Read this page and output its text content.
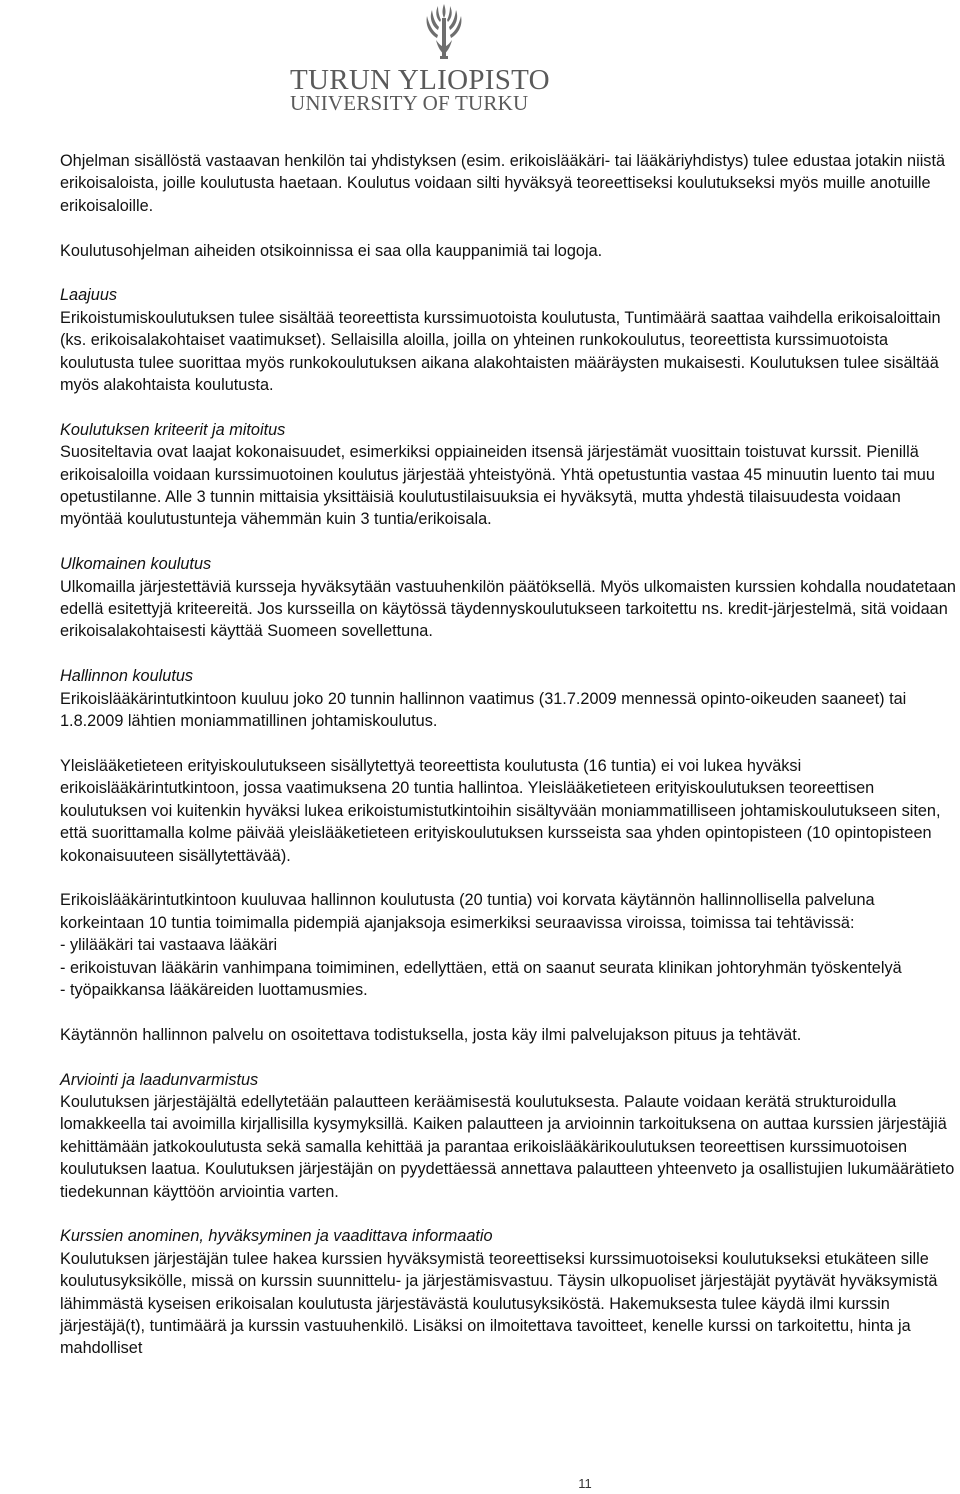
TURUN YLIOPISTO
UNIVERSITY OF TURKU

Ohjelman sisällöstä vastaavan henkilön tai yhdistyksen (esim. erikoislääkäri- tai lääkäriyhdistys) tulee edustaa jotakin niistä erikoisaloista, joille koulutusta haetaan. Koulutus voidaan silti hyväksyä teoreettiseksi koulutukseksi myös muille anotuille erikoisaloille.

Koulutusohjelman aiheiden otsikoinnissa ei saa olla kauppanimiä tai logoja.

Laajuus
Erikoistumiskoulutuksen tulee sisältää teoreettista kurssimuotoista koulutusta, Tuntimäärä saattaa vaihdella erikoisaloittain (ks. erikoisalakohtaiset vaatimukset). Sellaisilla aloilla, joilla on yhteinen runkokoulutus, teoreettista kurssimuotoista koulutusta tulee suorittaa myös runkokoulutuksen aikana alakohtaisten määräysten mukaisesti. Koulutuksen tulee sisältää myös alakohtaista koulutusta.

Koulutuksen kriteerit ja mitoitus
Suositeltavia ovat laajat kokonaisuudet, esimerkiksi oppiaineiden itsensä järjestämät vuosittain toistuvat kurssit. Pienillä erikoisaloilla voidaan kurssimuotoinen koulutus järjestää yhteistyönä. Yhtä opetustuntia vastaa 45 minuutin luento tai muu opetustilanne. Alle 3 tunnin mittaisia yksittäisiä koulutustilaisuuksia ei hyväksytä, mutta yhdestä tilaisuudesta voidaan myöntää koulutustunteja vähemmän kuin 3 tuntia/erikoisala.

Ulkomainen koulutus
Ulkomailla järjestettäviä kursseja hyväksytään vastuuhenkilön päätöksellä. Myös ulkomaisten kurssien kohdalla noudatetaan edellä esitettyjä kriteereitä. Jos kursseilla on käytössä täydennyskoulutukseen tarkoitettu ns. kredit-järjestelmä, sitä voidaan erikoisalakohtaisesti käyttää Suomeen sovellettuna.

Hallinnon koulutus
Erikoislääkärintutkintoon kuuluu joko 20 tunnin hallinnon vaatimus (31.7.2009 mennessä opinto-oikeuden saaneet) tai 1.8.2009 lähtien moniammatillinen johtamiskoulutus.

Yleislääketieteen erityiskoulutukseen sisällytettyä teoreettista koulutusta (16 tuntia) ei voi lukea hyväksi erikoislääkärintutkintoon, jossa vaatimuksena 20 tuntia hallintoa. Yleislääketieteen erityiskoulutuksen teoreettisen koulutuksen voi kuitenkin hyväksi lukea erikoistumistutkintoihin sisältyvään moniammatilliseen johtamiskoulutukseen siten, että suorittamalla kolme päivää yleislääketieteen erityiskoulutuksen kursseista saa yhden opintopisteen (10 opintopisteen kokonaisuuteen sisällytettävää).

Erikoislääkärintutkintoon kuuluvaa hallinnon koulutusta (20 tuntia) voi korvata käytännön hallinnollisella palveluna korkeintaan 10 tuntia toimimalla pidempiä ajanjaksoja esimerkiksi seuraavissa viroissa, toimissa tai tehtävissä:
- ylilääkäri tai vastaava lääkäri
- erikoistuvan lääkärin vanhimpana toimiminen, edellyttäen, että on saanut seurata klinikan johtoryhmän työskentelyä
- työpaikkansa lääkäreiden luottamusmies.

Käytännön hallinnon palvelu on osoitettava todistuksella, josta käy ilmi palvelujakson pituus ja tehtävät.

Arviointi ja laadunvarmistus
Koulutuksen järjestäjältä edellytetään palautteen keräämisestä koulutuksesta. Palaute voidaan kerätä strukturoidulla lomakkeella tai avoimilla kirjallisilla kysymyksillä. Kaiken palautteen ja arvioinnin tarkoituksena on auttaa kurssien järjestäjiä kehittämään jatkokoulutusta sekä samalla kehittää ja parantaa erikoislääkärikoulutuksen teoreettisen kurssimuotoisen koulutuksen laatua. Koulutuksen järjestäjän on pyydettäessä annettava palautteen yhteenveto ja osallistujien lukumäärätieto tiedekunnan käyttöön arviointia varten.

Kurssien anominen, hyväksyminen ja vaadittava informaatio
Koulutuksen järjestäjän tulee hakea kurssien hyväksymistä teoreettiseksi kurssimuotoiseksi koulutukseksi etukäteen sille koulutusyksikölle, missä on kurssin suunnittelu- ja järjestämisvastuu. Täysin ulkopuoliset järjestäjät pyytävät hyväksymistä lähimmästä kyseisen erikoisalan koulutusta järjestävästä koulutusyksiköstä. Hakemuksesta tulee käydä ilmi kurssin järjestäjä(t), tuntimäärä ja kurssin vastuuhenkilö. Lisäksi on ilmoitettava tavoitteet, kenelle kurssi on tarkoitettu, hinta ja mahdolliset

11
